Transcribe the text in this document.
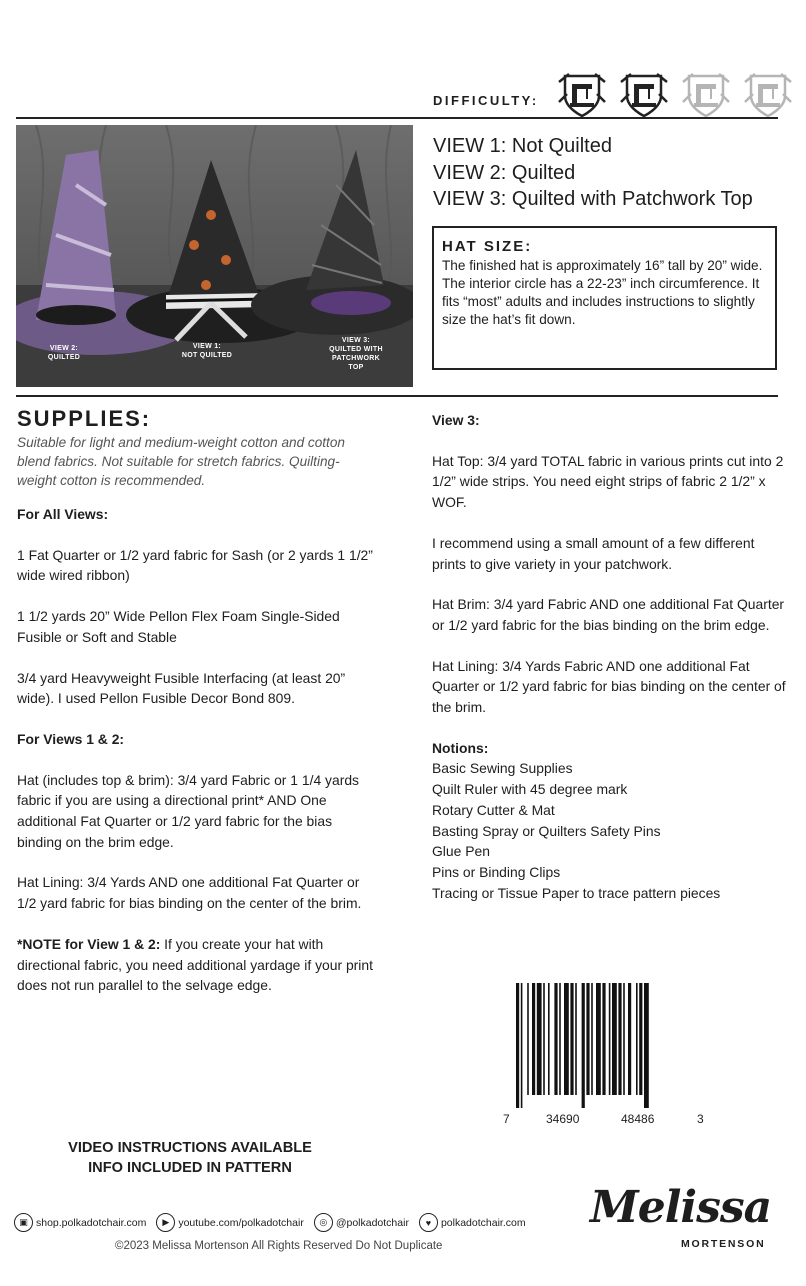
DIFFICULTY:
VIEW 2:
QUILTED
VIEW 1:
NOT QUILTED
VIEW 3:
QUILTED WITH
PATCHWORK
TOP
VIEW 1: Not Quilted
VIEW 2: Quilted
VIEW 3: Quilted with Patchwork Top
HAT SIZE:

The finished hat is approximately 16” tall by 20” wide. The interior circle has a 22-23” inch circumference. It fits “most” adults and includes instructions to slightly size the hat’s fit down.

SUPPLIES:

Suitable for light and medium-weight cotton and cotton blend fabrics. Not suitable for stretch fabrics. Quilting-weight cotton is recommended.

For All Views:

1 Fat Quarter or 1/2 yard fabric for Sash (or 2 yards 1 1/2” wide wired ribbon)

1 1/2 yards 20” Wide Pellon Flex Foam Single-Sided Fusible or Soft and Stable

3/4 yard Heavyweight Fusible Interfacing (at least 20” wide). I used Pellon Fusible Decor Bond 809.

For Views 1 & 2:

Hat (includes top & brim): 3/4 yard Fabric or 1 1/4 yards fabric if you are using a directional print* AND One additional Fat Quarter or 1/2 yard fabric for the bias binding on the brim edge.

Hat Lining: 3/4 Yards AND one additional Fat Quarter or 1/2 yard fabric for bias binding on the center of the brim.

*NOTE for View 1 & 2: If you create your hat with directional fabric, you need additional yardage if your print does not run parallel to the selvage edge.

VIDEO INSTRUCTIONS AVAILABLE
INFO INCLUDED IN PATTERN

View 3:

Hat Top: 3/4 yard TOTAL fabric in various prints cut into 2 1/2” wide strips. You need eight strips of fabric 2 1/2” x WOF.

I recommend using a small amount of a few different prints to give variety in your patchwork.

Hat Brim: 3/4 yard Fabric AND one additional Fat Quarter or 1/2 yard fabric for the bias binding on the brim edge.

Hat Lining: 3/4 Yards Fabric AND one additional Fat Quarter or 1/2 yard fabric for bias binding on the center of the brim.

Notions:

Basic Sewing Supplies
Quilt Ruler with 45 degree mark
Rotary Cutter & Mat
Basting Spray or Quilters Safety Pins
Glue Pen
Pins or Binding Clips
Tracing or Tissue Paper to trace pattern pieces
7	34690	48486	3
▣ shop.polkadotchair.com	▶ youtube.com/polkadotchair	◎ @polkadotchair	♥ polkadotchair.com
©2023 Melissa Mortenson All Rights Reserved Do Not Duplicate
Melissa
MORTENSON
